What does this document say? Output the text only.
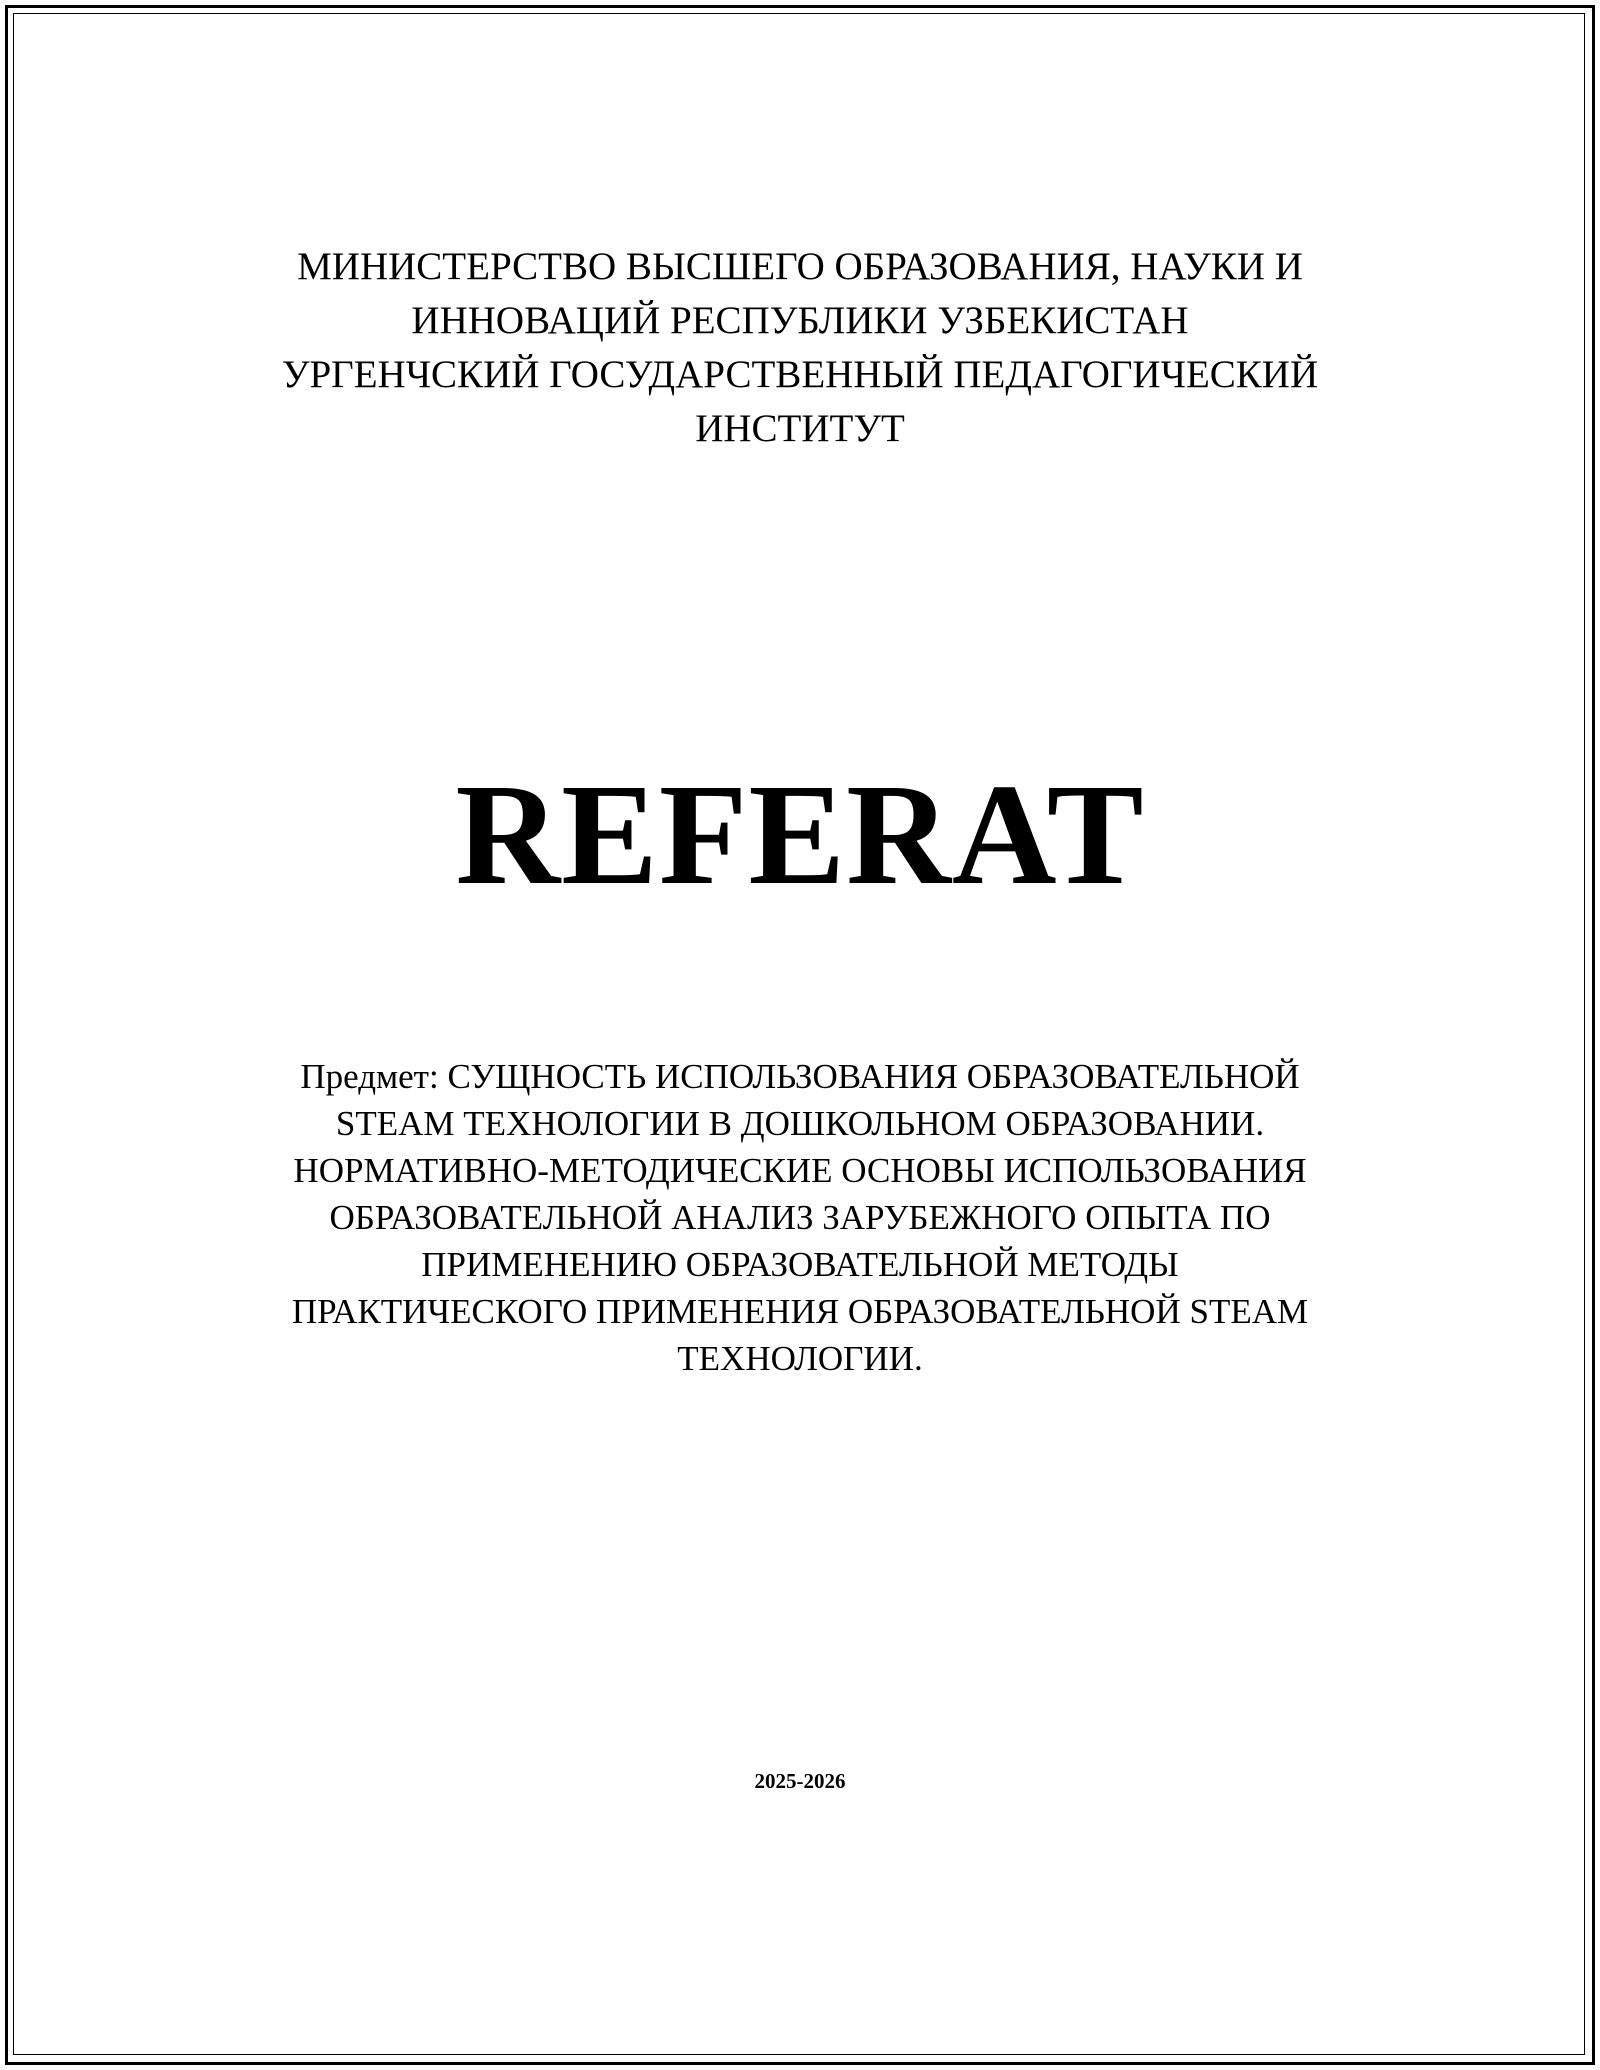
МИНИСТЕРСТВО ВЫСШЕГО ОБРАЗОВАНИЯ, НАУКИ И
ИННОВАЦИЙ РЕСПУБЛИКИ УЗБЕКИСТАН
УРГЕНЧСКИЙ ГОСУДАРСТВЕННЫЙ ПЕДАГОГИЧЕСКИЙ
ИНСТИТУТ
REFERAT
Предмет: СУЩНОСТЬ ИСПОЛЬЗОВАНИЯ ОБРАЗОВАТЕЛЬНОЙ
STEAM ТЕХНОЛОГИИ В ДОШКОЛЬНОМ ОБРАЗОВАНИИ.
НОРМАТИВНО-МЕТОДИЧЕСКИЕ ОСНОВЫ ИСПОЛЬЗОВАНИЯ
ОБРАЗОВАТЕЛЬНОЙ АНАЛИЗ ЗАРУБЕЖНОГО ОПЫТА ПО
ПРИМЕНЕНИЮ ОБРАЗОВАТЕЛЬНОЙ МЕТОДЫ
ПРАКТИЧЕСКОГО ПРИМЕНЕНИЯ ОБРАЗОВАТЕЛЬНОЙ STEAM
ТЕХНОЛОГИИ.
2025-2026
